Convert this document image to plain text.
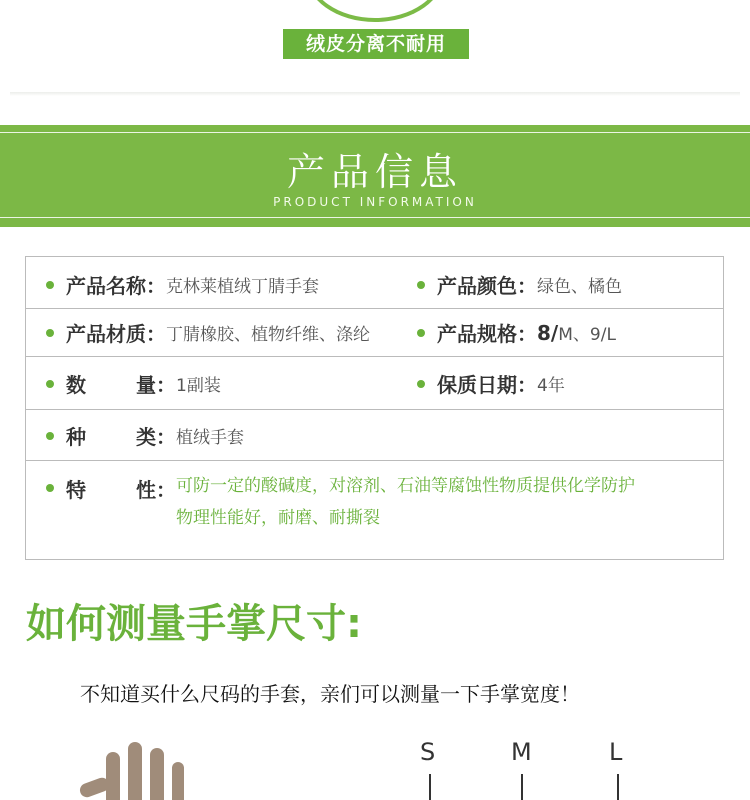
绒皮分离不耐用
产品信息
PRODUCT INFORMATION
产品名称： 克林莱植绒丁腈手套	产品颜色： 绿色、橘色
产品材质： 丁腈橡胶、植物纤维、涤纶	产品规格： 8/ M、9/L
数	量： 1副装	保质日期： 4年
种	类： 植绒手套
特	性： 可防一定的酸碱度，对溶剂、石油等腐蚀性物质提供化学防护
物理性能好，耐磨、耐撕裂
如何测量手掌尺寸:
不知道买什么尺码的手套，亲们可以测量一下手掌宽度！
S	M	L
